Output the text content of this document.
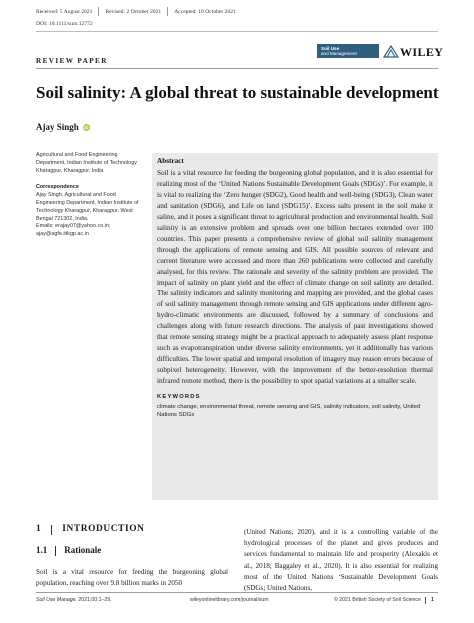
Received: 5 August 2021 Revised: 2 October 2021 Accepted: 10 October 2021
DOI: 10.1111/sum.12772
REVIEW PAPER
Soil Use
and Management	WILEY
Soil salinity: A global threat to sustainable development
Ajay Singh iD

Agricultural and Food Engineering Department, Indian Institute of Technology Kharagpur, Kharagpur, India

Correspondence

Ajay Singh, Agricultural and Food Engineering Department, Indian Institute of Technology Kharagpur, Kharagpur, West Bengal 721302, India.

Emails: erajay07@yahoo.co.in; ajay@agfe.iitkgp.ac.in

Abstract

Soil is a vital resource for feeding the burgeoning global population, and it is also essential for realizing most of the ‘United Nations Sustainable Development Goals (SDGs)’. For example, it is vital to realizing the ‘Zero hunger (SDG2), Good health and well-being (SDG3), Clean water and sanitation (SDG6), and Life on land (SDG15)’. Excess salts present in the soil make it saline, and it poses a significant threat to agricultural production and environmental health. Soil salinity is an extensive problem and spreads over one billion hectares extended over 100 countries. This paper presents a comprehensive review of global soil salinity management through the applications of remote sensing and GIS. All possible sources of relevant and current literature were accessed and more than 260 publications were collected and carefully analysed, for this review. The rationale and severity of the salinity problem are provided. The impact of salinity on plant yield and the effect of climate change on soil salinity are detailed. The salinity indicators and salinity monitoring and mapping are provided, and the global cases of soil salinity management through remote sensing and GIS applications under different agro-hydro-climatic environments are discussed, followed by a summary of conclusions and challenges along with future research directions. The analysis of past investigations showed that remote sensing strategy might be a practical approach to adequately assess plant response such as evapotranspiration under diverse salinity environments, yet it additionally has various difficulties. The lower spatial and temporal resolution of imagery may reason errors because of subpixel heterogeneity. However, with the improvement of the better-resolution thermal infrared remote method, there is the possibility to spot spatial variations at a smaller scale.

KEYWORDS

climate change, environmental threat, remote sensing and GIS, salinity indicators, soil salinity, United Nations SDGs

1 INTRODUCTION
1.1 Rationale

Soil is a vital resource for feeding the burgeoning global population, reaching over 9.8 billion marks in 2050

(United Nations, 2020), and it is a controlling variable of the hydrological processes of the planet and gives produces and services fundamental to maintain life and prosperity (Alexakis et al., 2018; Baggaley et al., 2020). It is also essential for realizing most of the United Nations ‘Sustainable Development Goals (SDGs; United Nations,

Soil Use Manage. 2021;00:1–29.	wileyonlinelibrary.com/journal/sum	© 2021 British Society of Soil Science 1
